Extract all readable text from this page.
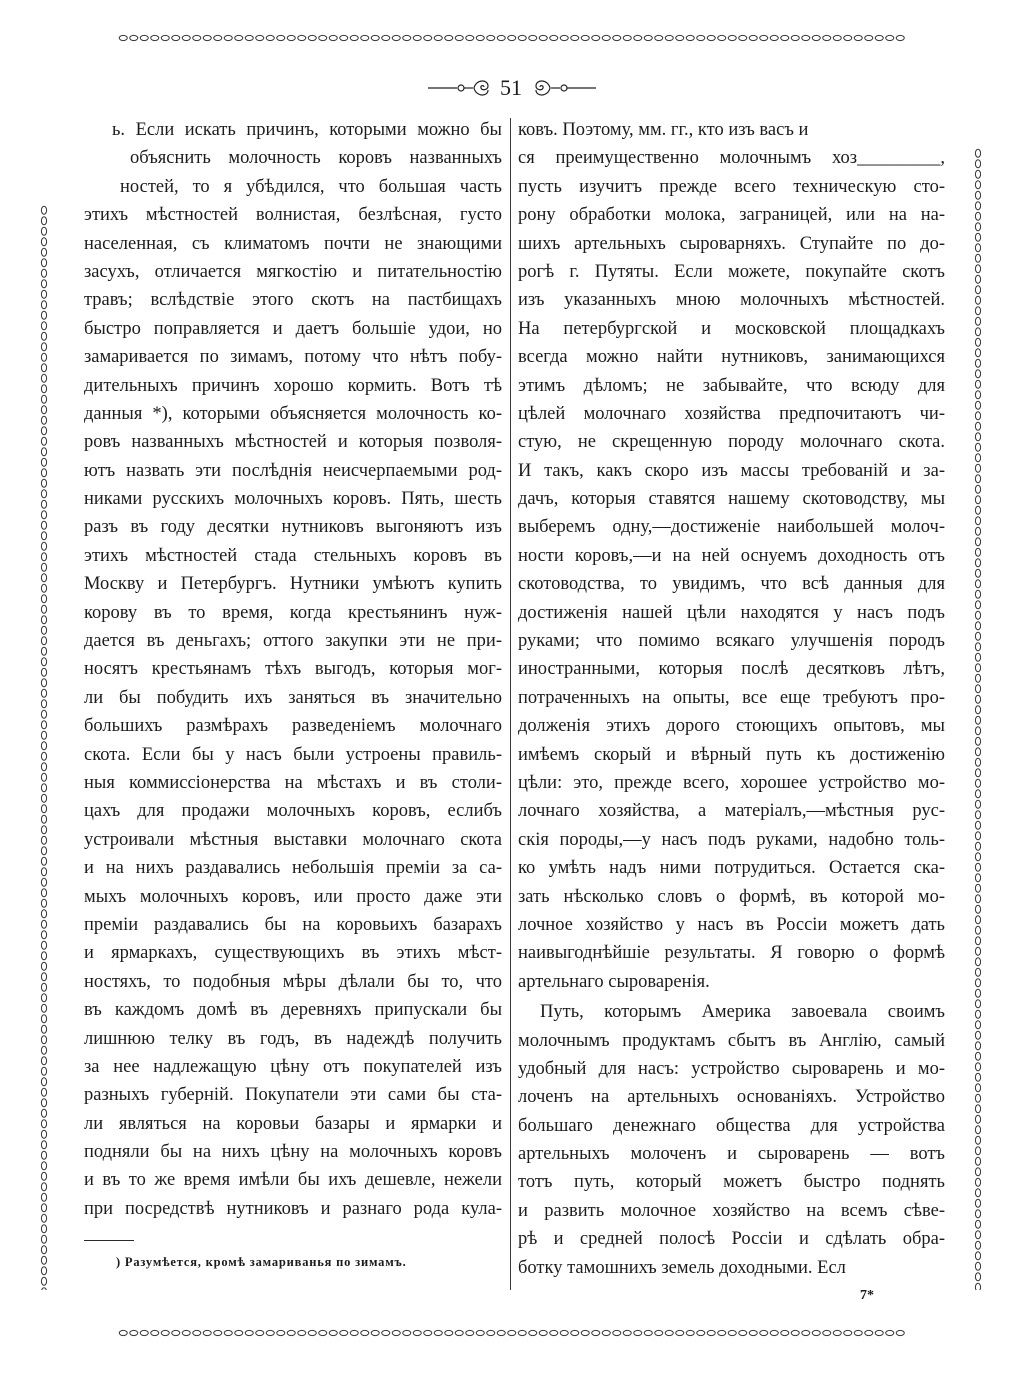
51
ь. Если искать причинъ, которыми можно бы
объяснить молочность коровъ названныхъ
ностей, то я убѣдился, что большая часть
этихъ мѣстностей волнистая, безлѣсная, густо
населенная, съ климатомъ почти не знающими
засухъ, отличается мягкостію и питательностію
травъ; вслѣдствіе этого скотъ на пастбищахъ
быстро поправляется и даетъ большіе удои, но
замаривается по зимамъ, потому что нѣтъ побу-
дительныхъ причинъ хорошо кормить. Вотъ тѣ
данныя *), которыми объясняется молочность ко-
ровъ названныхъ мѣстностей и которыя позволя-
ютъ назвать эти послѣднія неисчерпаемыми род-
никами русскихъ молочныхъ коровъ. Пять, шесть
разъ въ году десятки нутниковъ выгоняютъ изъ
этихъ мѣстностей стада стельныхъ коровъ въ
Москву и Петербургъ. Нутники умѣютъ купить
корову въ то время, когда крестьянинъ нуж-
дается въ деньгахъ; оттого закупки эти не при-
носятъ крестьянамъ тѣхъ выгодъ, которыя мог-
ли бы побудить ихъ заняться въ значительно
большихъ размѣрахъ разведеніемъ молочнаго
скота. Если бы у насъ были устроены правиль-
ныя коммиссіонерства на мѣстахъ и въ столи-
цахъ для продажи молочныхъ коровъ, еслибъ
устроивали мѣстныя выставки молочнаго скота
и на нихъ раздавались небольшія преміи за са-
мыхъ молочныхъ коровъ, или просто даже эти
преміи раздавались бы на коровьихъ базарахъ
и ярмаркахъ, существующихъ въ этихъ мѣст-
ностяхъ, то подобныя мѣры дѣлали бы то, что
въ каждомъ домѣ въ деревняхъ припускали бы
лишнюю телку въ годъ, въ надеждѣ получить
за нее надлежащую цѣну отъ покупателей изъ
разныхъ губерній. Покупатели эти сами бы ста-
ли являться на коровьи базары и ярмарки и
подняли бы на нихъ цѣну на молочныхъ коровъ
и въ то же время имѣли бы ихъ дешевле, нежели
при посредствѣ нутниковъ и разнаго рода кула-
ковъ. Поэтому, мм. гг., кто изъ васъ и
ся преимущественно молочнымъ хоз_________,
пусть изучитъ прежде всего техническую сто-
рону обработки молока, заграницей, или на на-
шихъ артельныхъ сыроварняхъ. Ступайте по до-
рогѣ г. Путяты. Если можете, покупайте скотъ
изъ указанныхъ мною молочныхъ мѣстностей.
На петербургской и московской площадкахъ
всегда можно найти нутниковъ, занимающихся
этимъ дѣломъ; не забывайте, что всюду для
цѣлей молочнаго хозяйства предпочитаютъ чи-
стую, не скрещенную породу молочнаго скота.
И такъ, какъ скоро изъ массы требованій и за-
дачъ, которыя ставятся нашему скотоводству, мы
выберемъ одну,—достиженіе наибольшей молоч-
ности коровъ,—и на ней оснуемъ доходность отъ
скотоводства, то увидимъ, что всѣ данныя для
достиженія нашей цѣли находятся у насъ подъ
руками; что помимо всякаго улучшенія породъ
иностранными, которыя послѣ десятковъ лѣтъ,
потраченныхъ на опыты, все еще требуютъ про-
долженія этихъ дорого стоющихъ опытовъ, мы
имѣемъ скорый и вѣрный путь къ достиженію
цѣли: это, прежде всего, хорошее устройство мо-
лочнаго хозяйства, а матеріалъ,—мѣстныя рус-
скія породы,—у насъ подъ руками, надобно толь-
ко умѣть надъ ними потрудиться. Остается ска-
зать нѣсколько словъ о формѣ, въ которой мо-
лочное хозяйство у насъ въ Россіи можетъ дать
наивыгоднѣйшіе результаты. Я говорю о формѣ
артельнаго сыроваренія.
Путь, которымъ Америка завоевала своимъ
молочнымъ продуктамъ сбытъ въ Англію, самый
удобный для насъ: устройство сыроварень и мо-
лоченъ на артельныхъ основаніяхъ. Устройство
большаго денежнаго общества для устройства
артельныхъ молоченъ и сыроварень — вотъ
тотъ путь, который можетъ быстро поднять
и развить молочное хозяйство на всемъ сѣве-
рѣ и средней полосѣ Россіи и сдѣлать обра-
ботку тамошнихъ земель доходными. Есл
) Разумѣется, кромѣ замариванья по зимамъ.
7*
